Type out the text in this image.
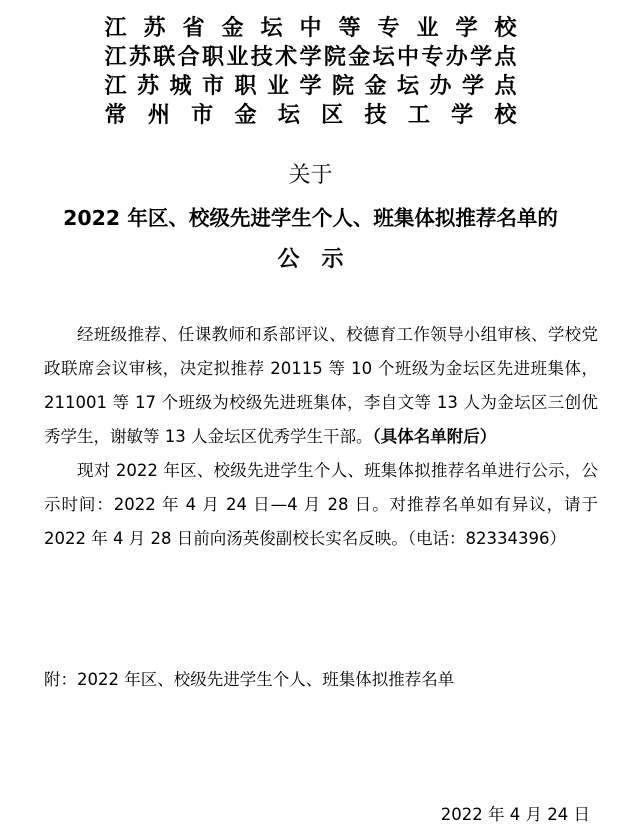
江苏省金坛中等专业学校
江苏联合职业技术学院金坛中专办学点
江苏城市职业学院金坛办学点
常州市金坛区技工学校
关于
2022 年区、校级先进学生个人、班集体拟推荐名单的
公示

经班级推荐、任课教师和系部评议、校德育工作领导小组审核、学校党政联席会议审核，决定拟推荐 20115 等 10 个班级为金坛区先进班集体，211001 等 17 个班级为校级先进班集体，李自文等 13 人为金坛区三创优秀学生，谢敏等 13 人金坛区优秀学生干部。（具体名单附后）

现对 2022 年区、校级先进学生个人、班集体拟推荐名单进行公示，公示时间：2022 年 4 月 24 日—4 月 28 日。对推荐名单如有异议，请于 2022 年 4 月 28 日前向汤英俊副校长实名反映。（电话：82334396）

附：2022 年区、校级先进学生个人、班集体拟推荐名单
2022 年 4 月 24 日
